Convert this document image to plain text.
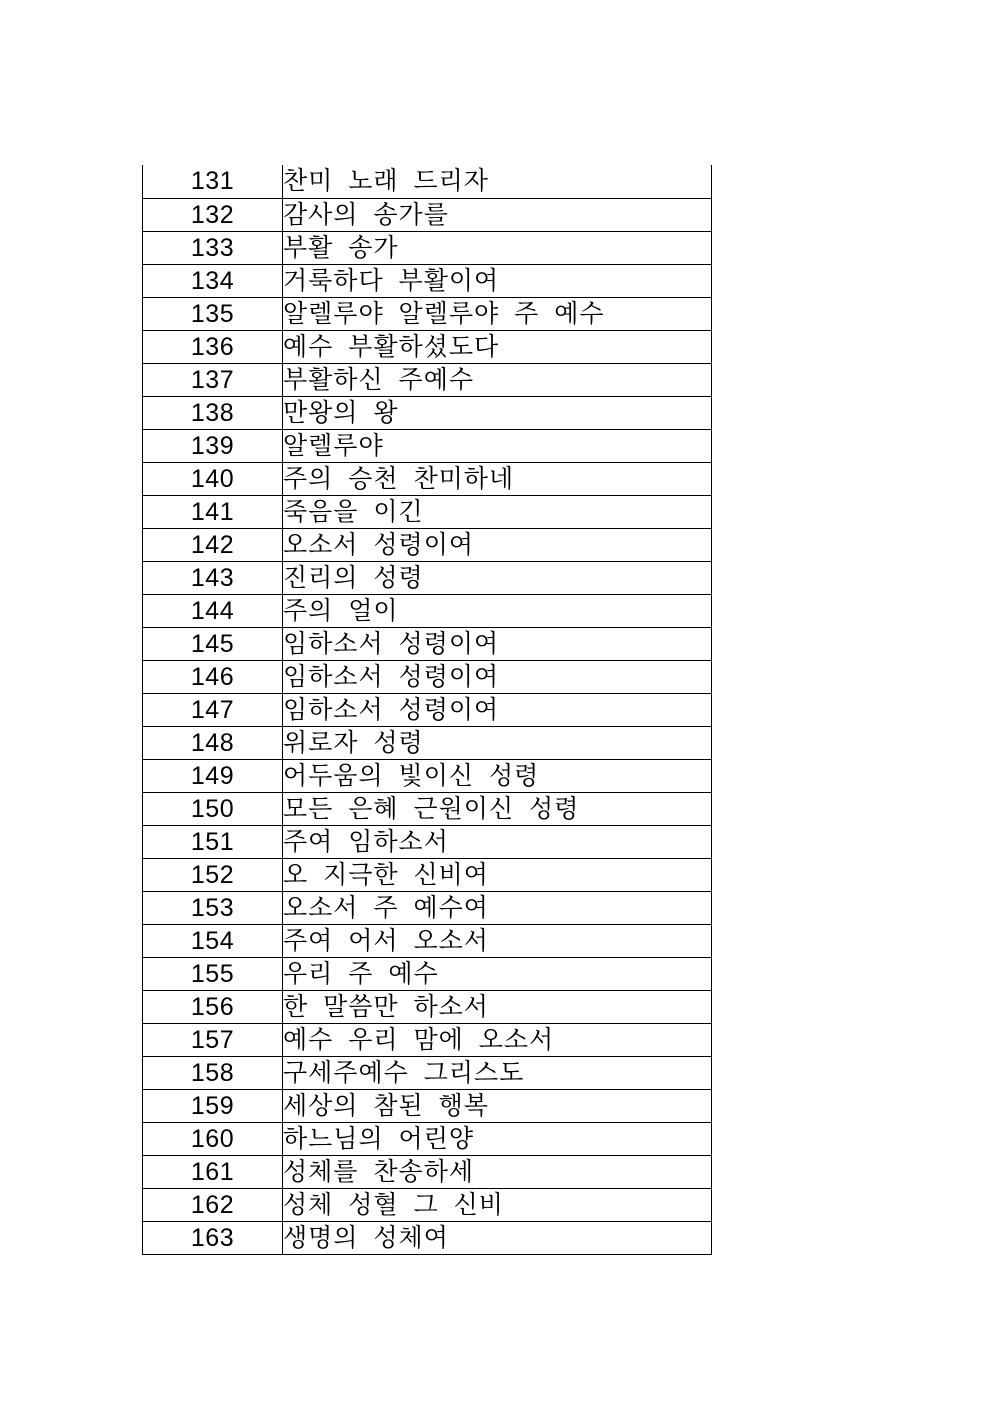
131	찬미 노래 드리자
132	감사의 송가를
133	부활 송가
134	거룩하다 부활이여
135	알렐루야 알렐루야 주 예수
136	예수 부활하셨도다
137	부활하신 주예수
138	만왕의 왕
139	알렐루야
140	주의 승천 찬미하네
141	죽음을 이긴
142	오소서 성령이여
143	진리의 성령
144	주의 얼이
145	임하소서 성령이여
146	임하소서 성령이여
147	임하소서 성령이여
148	위로자 성령
149	어두움의 빛이신 성령
150	모든 은혜 근원이신 성령
151	주여 임하소서
152	오 지극한 신비여
153	오소서 주 예수여
154	주여 어서 오소서
155	우리 주 예수
156	한 말씀만 하소서
157	예수 우리 맘에 오소서
158	구세주예수 그리스도
159	세상의 참된 행복
160	하느님의 어린양
161	성체를 찬송하세
162	성체 성혈 그 신비
163	생명의 성체여
